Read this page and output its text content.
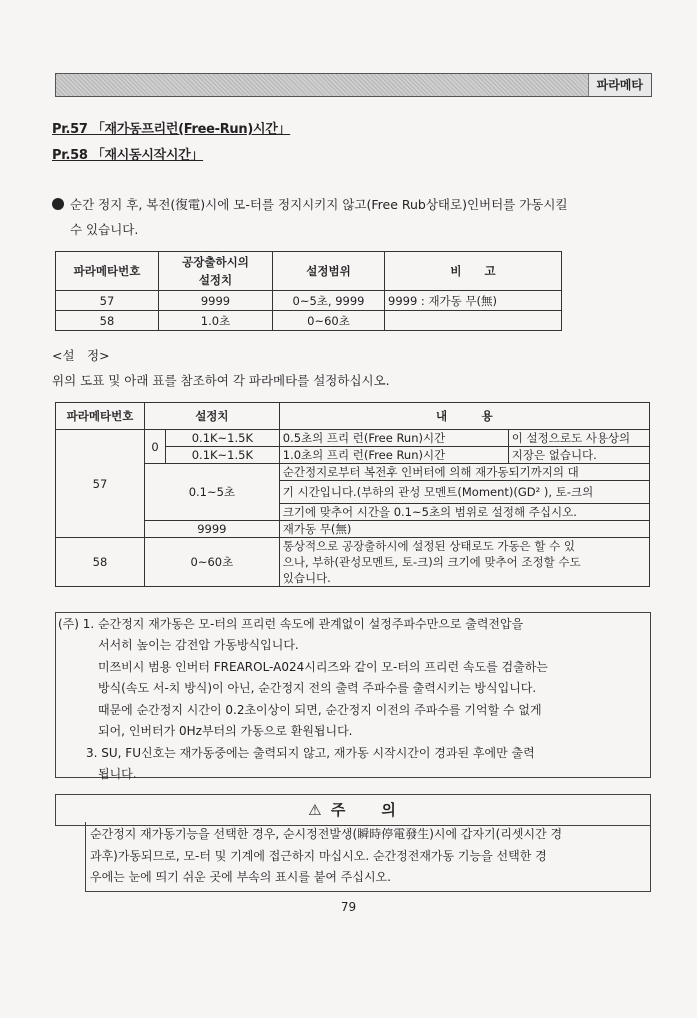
파라메타
Pr.57 「재가동프리런(Free-Run)시간」
Pr.58 「재시동시작시간」
순간 정지 후, 복전(復電)시에 모-터를 정지시키지 않고(Free Rub상태로)인버터를 가동시킬
수 있습니다.
파라메타번호	공장출하시의
설정치	설정범위	비　　고
57	9999	0~5초, 9999	9999 : 재가동 무(無)
58	1.0초	0~60초	
<설　정>
위의 도표 및 아래 표를 참조하여 각 파라메타를 설정하십시오.
파라메타번호	설정치		내　　　용	
57	0	0.1K~1.5K	0.5초의 프리 런(Free Run)시간	이 설정으로도 사용상의
		0.1K~1.5K	1.0초의 프리 런(Free Run)시간	지장은 없습니다.
	0.1~5초		순간정지로부터 복전후 인버터에 의해 재가동되기까지의 대	
			기 시간입니다.(부하의 관성 모멘트(Moment)(GD² ), 토-크의	
			크기에 맞추어 시간을 0.1~5초의 범위로 설정해 주십시오.	
	9999		재가동 무(無)	
58	0~60초		통상적으로 공장출하시에 설정된 상태로도 가동은 할 수 있	
			으나, 부하(관성모멘트, 토-크)의 크기에 맞추어 조정할 수도	
			있습니다.	
(주) 1. 순간정지 재가동은 모-터의 프리런 속도에 관계없이 설정주파수만으로 출력전압을
서서히 높이는 감전압 가동방식입니다.
미쯔비시 범용 인버터 FREAROL-A024시리즈와 같이 모-터의 프리런 속도를 검출하는
방식(속도 서-치 방식)이 아닌, 순간정지 전의 출력 주파수를 출력시키는 방식입니다.
때문에 순간정지 시간이 0.2초이상이 되면, 순간정지 이전의 주파수를 기억할 수 없게
되어, 인버터가 0Hz부터의 가동으로 환원됩니다.
3. SU, FU신호는 재가동중에는 출력되지 않고, 재가동 시작시간이 경과된 후에만 출력
됩니다.
⚠ 주　　의
순간정지 재가동기능을 선택한 경우, 순시정전발생(瞬時停電發生)시에 갑자기(리셋시간 경
과후)가동되므로, 모-터 및 기계에 접근하지 마십시오. 순간정전재가동 기능을 선택한 경
우에는 눈에 띄기 쉬운 곳에 부속의 표시를 붙여 주십시오.
79
